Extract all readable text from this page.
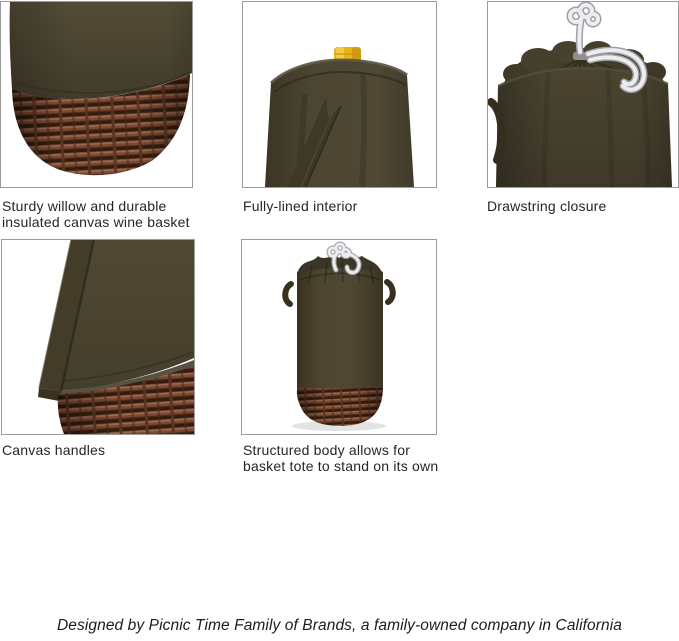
Sturdy willow and durable insulated canvas wine basket
Fully-lined interior	Drawstring closure
Canvas handles	Structured body allows for basket tote to stand on its own
Designed by Picnic Time Family of Brands, a family-owned company in California
